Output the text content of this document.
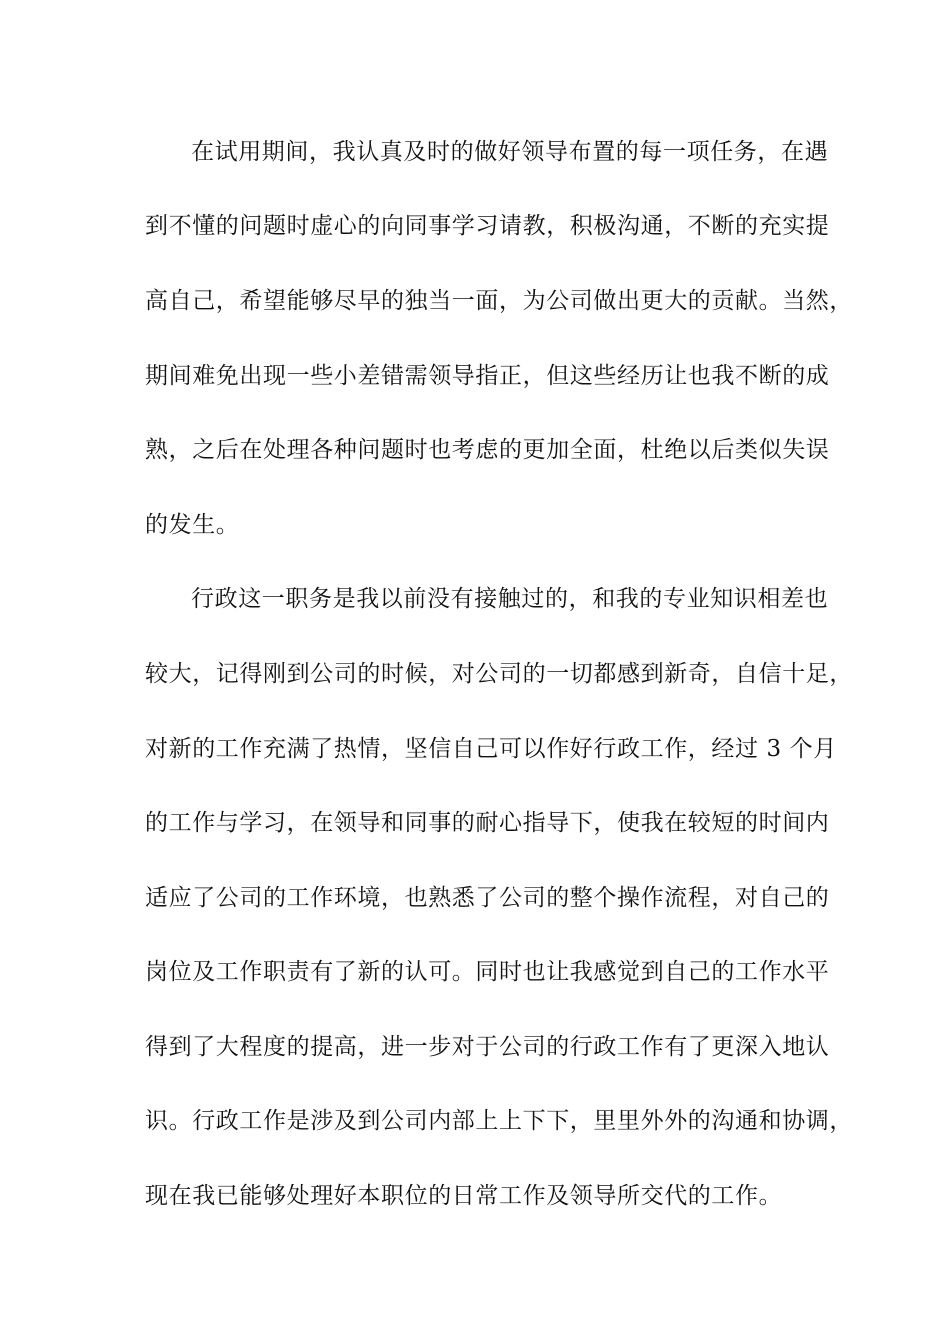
在试用期间，我认真及时的做好领导布置的每一项任务，在遇
到不懂的问题时虚心的向同事学习请教，积极沟通，不断的充实提
高自己，希望能够尽早的独当一面，为公司做出更大的贡献。当然，
期间难免出现一些小差错需领导指正，但这些经历让也我不断的成
熟，之后在处理各种问题时也考虑的更加全面，杜绝以后类似失误
的发生。
行政这一职务是我以前没有接触过的，和我的专业知识相差也
较大，记得刚到公司的时候，对公司的一切都感到新奇，自信十足，
对新的工作充满了热情，坚信自己可以作好行政工作，经过 3 个月
的工作与学习，在领导和同事的耐心指导下，使我在较短的时间内
适应了公司的工作环境，也熟悉了公司的整个操作流程，对自己的
岗位及工作职责有了新的认可。同时也让我感觉到自己的工作水平
得到了大程度的提高，进一步对于公司的行政工作有了更深入地认
识。行政工作是涉及到公司内部上上下下，里里外外的沟通和协调，
现在我已能够处理好本职位的日常工作及领导所交代的工作。
